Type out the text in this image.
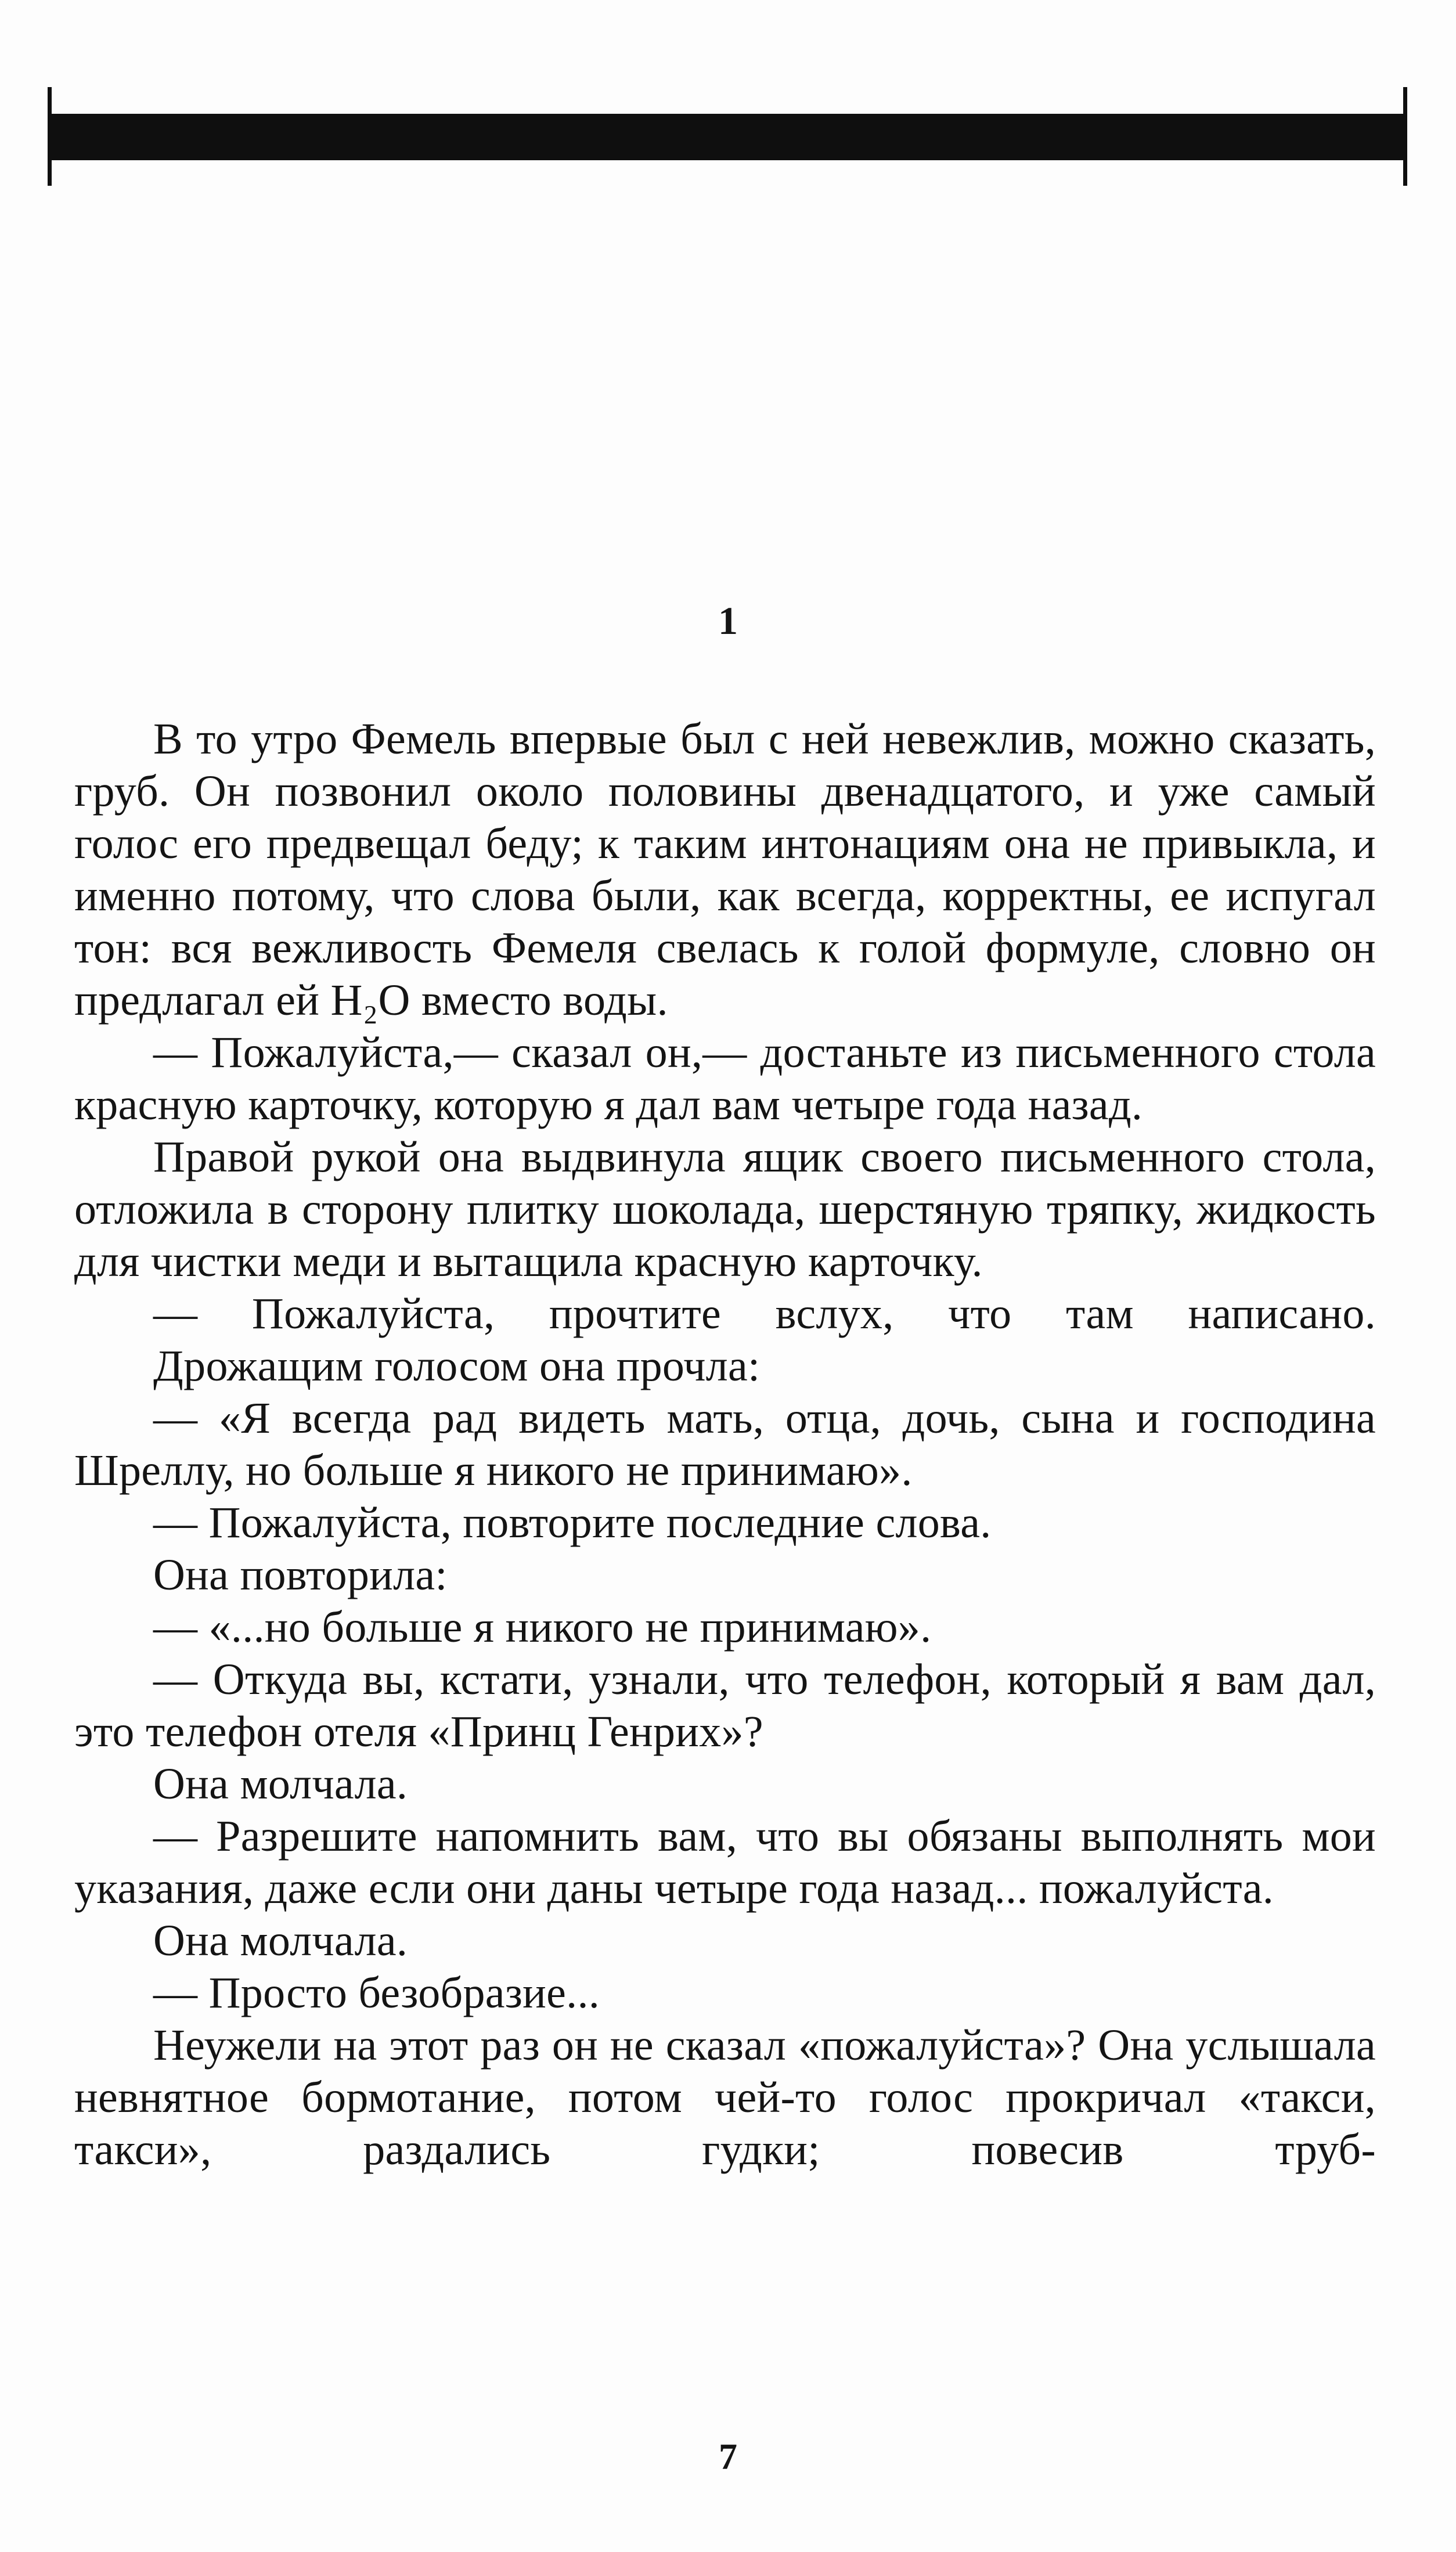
1

В то утро Фемель впервые был с ней невежлив, можно сказать, груб. Он позвонил около половины двенадцатого, и уже самый голос его предвещал беду; к таким интонациям она не привыкла, и именно потому, что слова были, как всегда, корректны, ее испугал тон: вся вежливость Фемеля свелась к голой формуле, словно он предлагал ей H₂O вместо воды.

— Пожалуйста,— сказал он,— достаньте из письменного стола красную карточку, которую я дал вам четыре года назад.

Правой рукой она выдвинула ящик своего письменного стола, отложила в сторону плитку шоколада, шерстяную тряпку, жидкость для чистки меди и вытащила красную карточку.

— Пожалуйста, прочтите вслух, что там написано.

Дрожащим голосом она прочла:

— «Я всегда рад видеть мать, отца, дочь, сына и господина Шреллу, но больше я никого не принимаю».

— Пожалуйста, повторите последние слова.

Она повторила:

— «...но больше я никого не принимаю».

— Откуда вы, кстати, узнали, что телефон, который я вам дал, это телефон отеля «Принц Генрих»?

Она молчала.

— Разрешите напомнить вам, что вы обязаны выполнять мои указания, даже если они даны четыре года назад... пожалуйста.

Она молчала.

— Просто безобразие...

Неужели на этот раз он не сказал «пожалуйста»? Она услышала невнятное бормотание, потом чей-то голос прокричал «такси, такси», раздались гудки; повесив труб-

7
